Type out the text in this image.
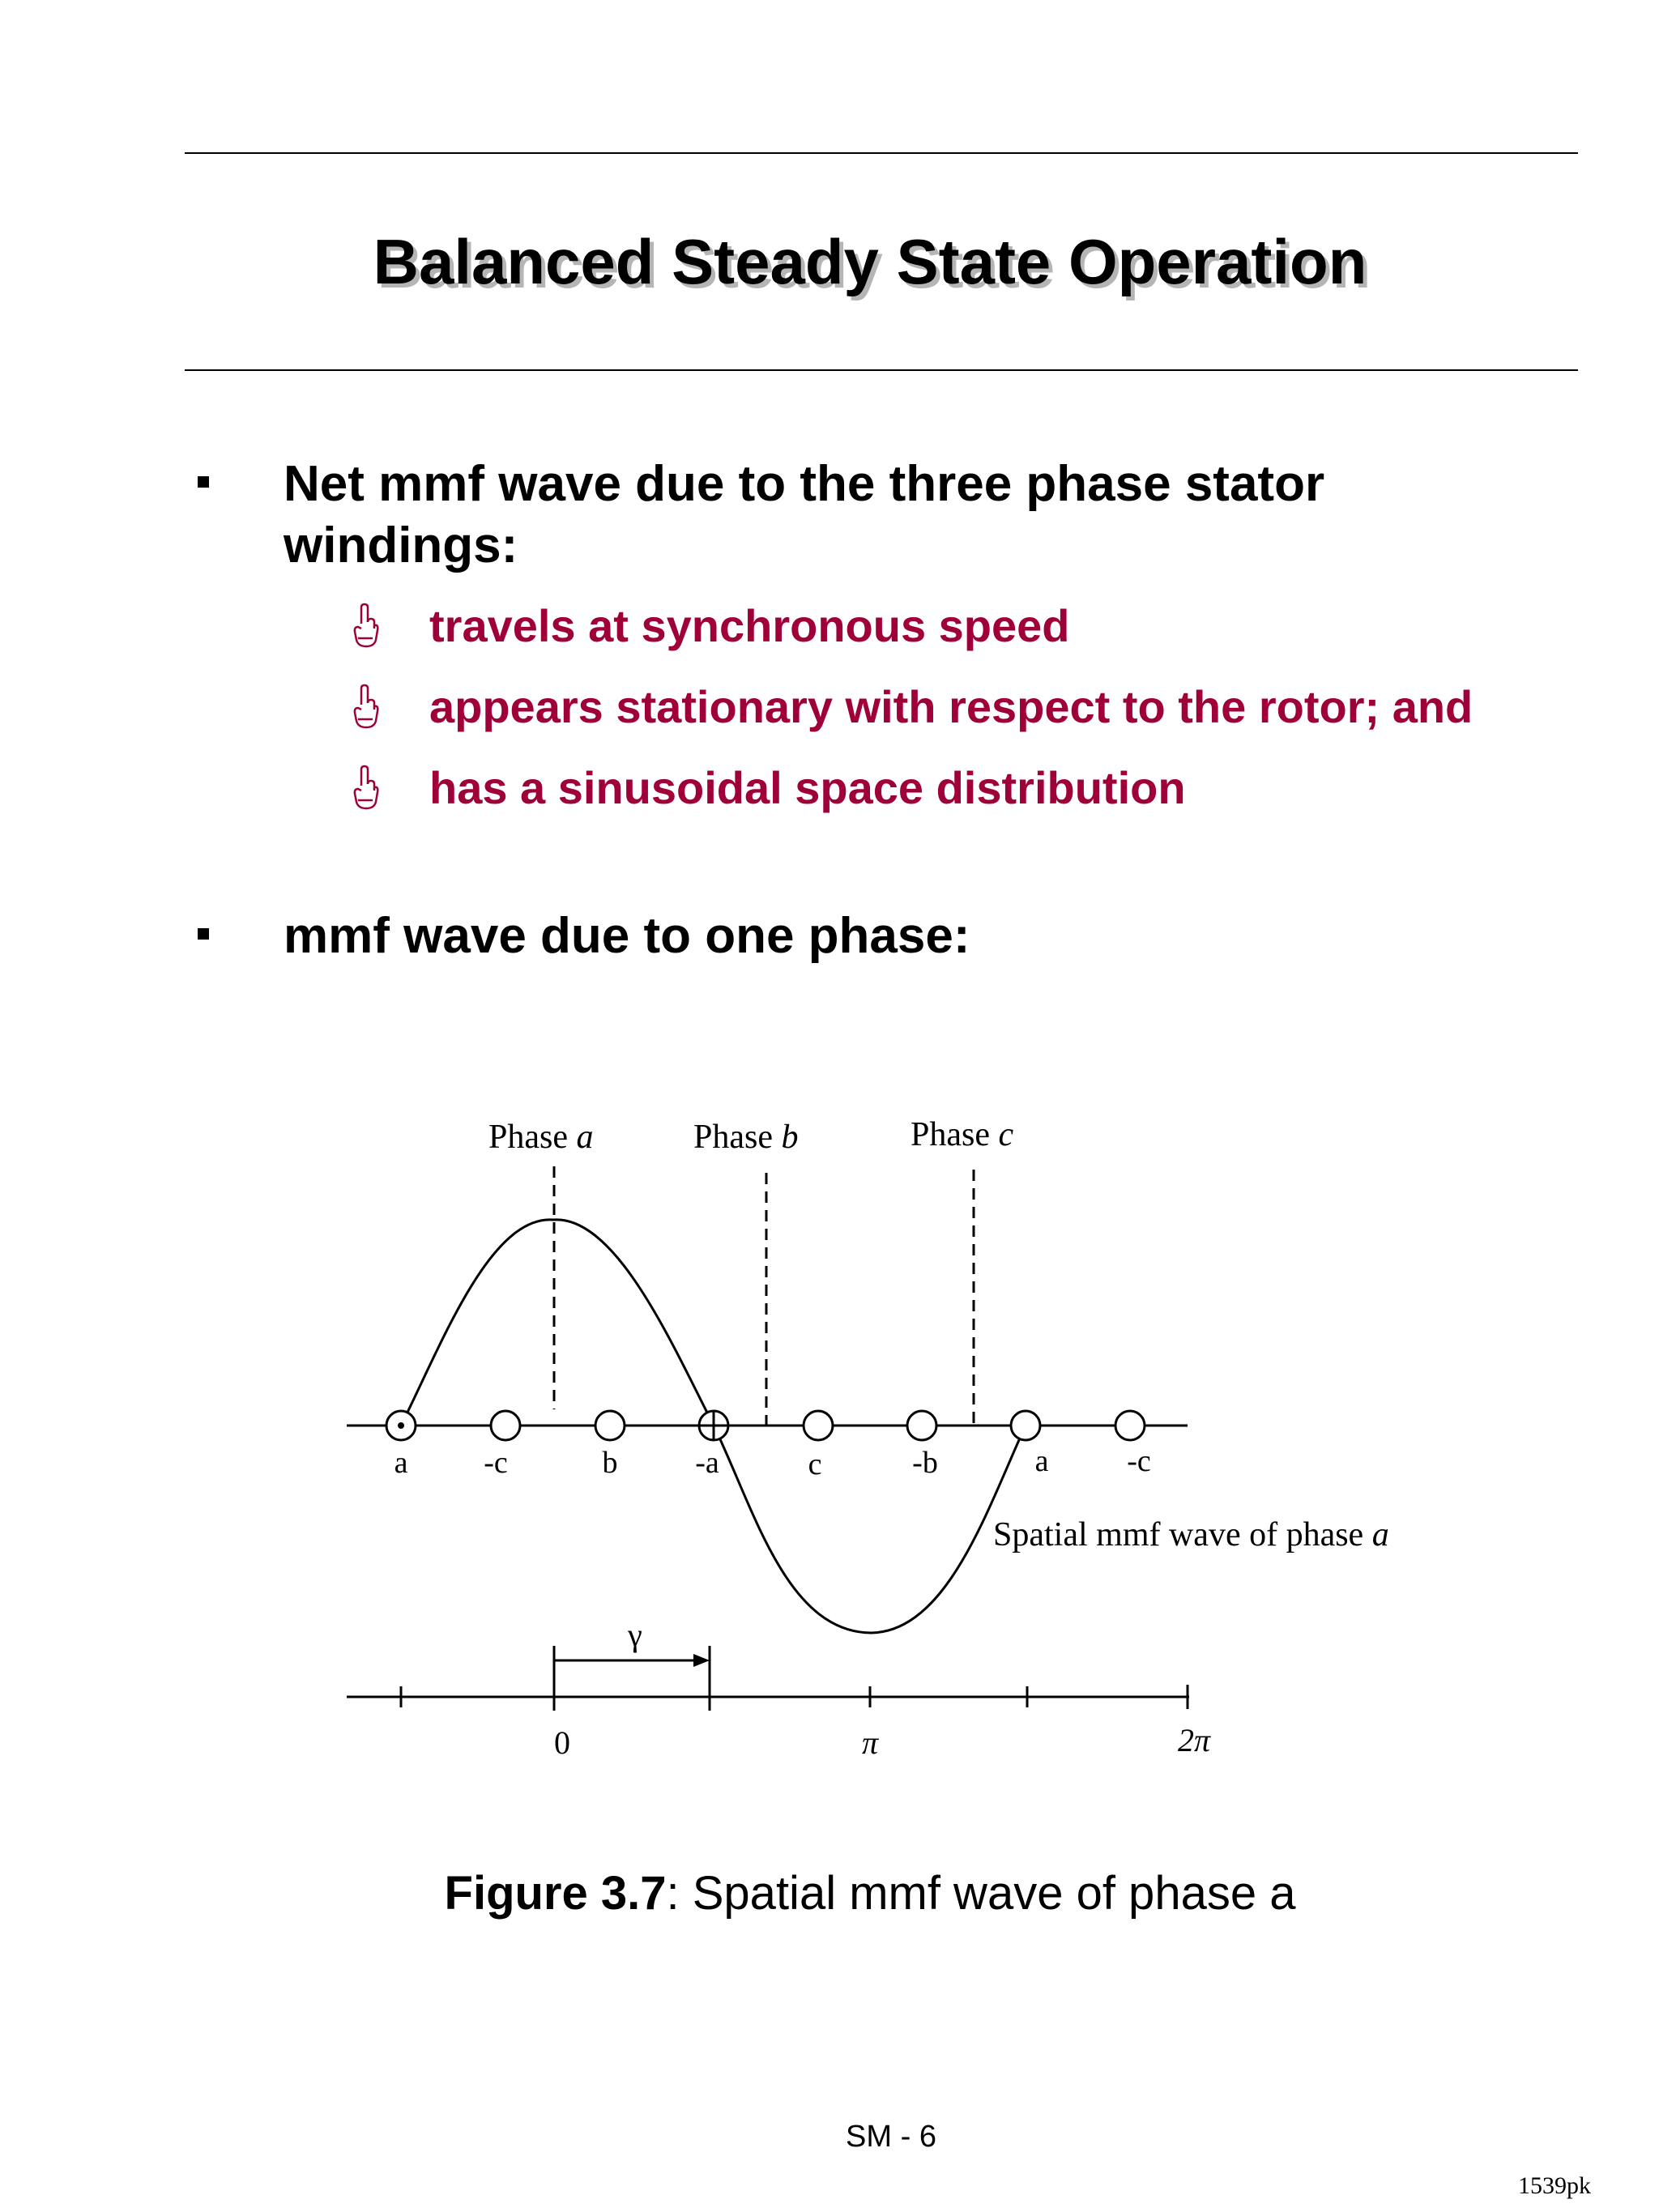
Balanced Steady State Operation
Net mmf wave due to the three phase stator
windings:
travels at synchronous speed
appears stationary with respect to the rotor; and
has a sinusoidal space distribution
mmf wave due to one phase:
Phase a	Phase b	Phase c
a -c	b	-a	c	-b	a	-c
Spatial mmf wave of phase a
γ
0	π	2π
Figure 3.7: Spatial mmf wave of phase a
SM - 6
1539pk
